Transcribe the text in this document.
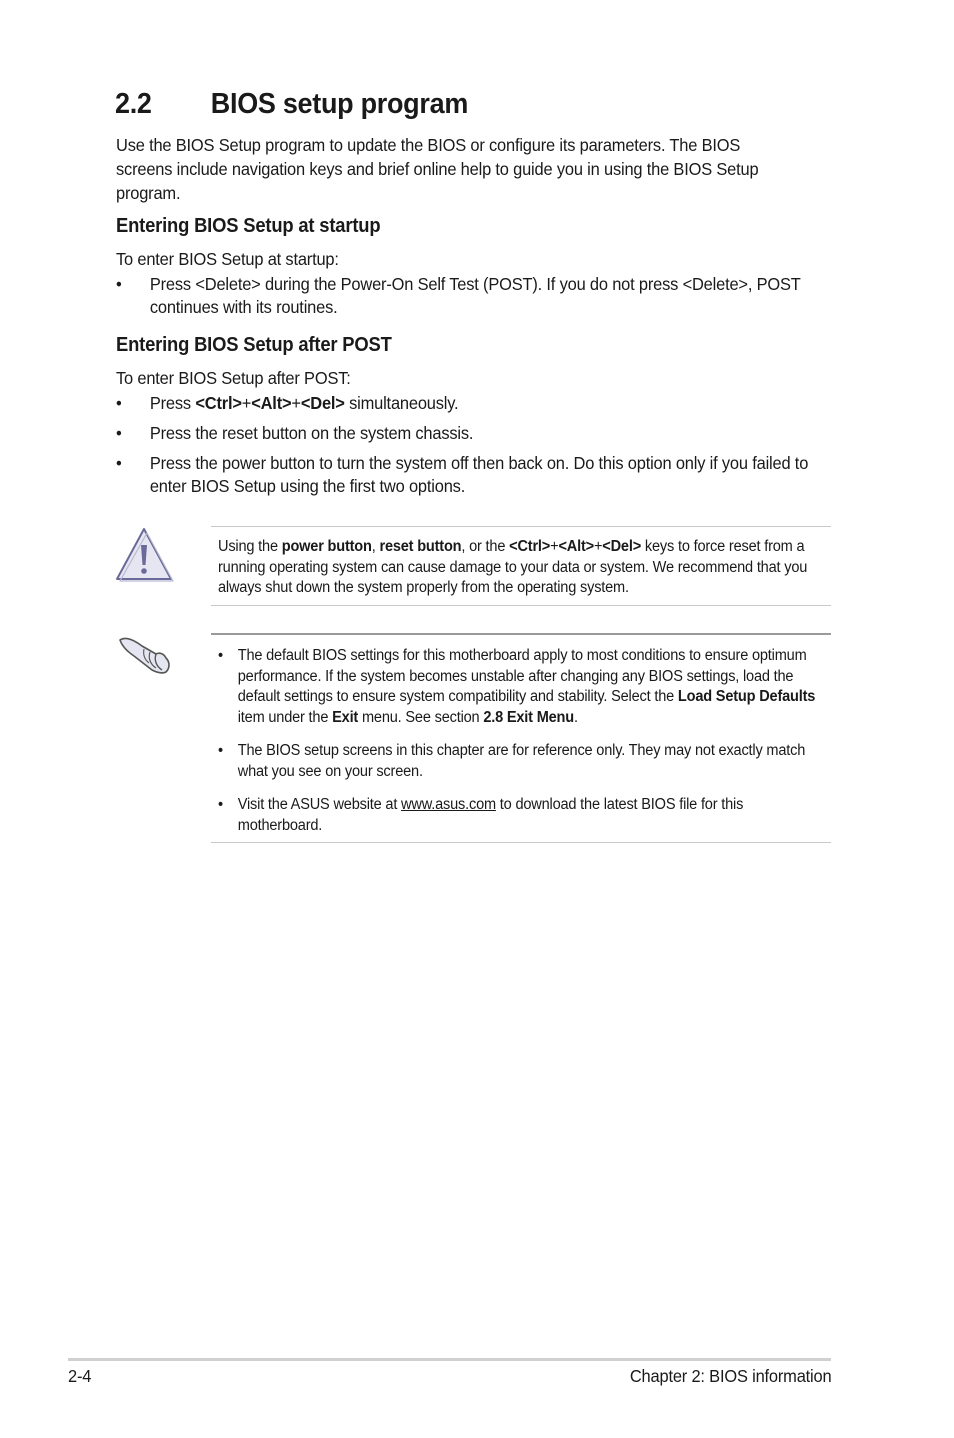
2.2 BIOS setup program

Use the BIOS Setup program to update the BIOS or configure its parameters. The BIOS screens include navigation keys and brief online help to guide you in using the BIOS Setup program.

Entering BIOS Setup at startup

To enter BIOS Setup at startup:

•	Press <Delete> during the Power-On Self Test (POST). If you do not press <Delete>, POST continues with its routines.
Entering BIOS Setup after POST

To enter BIOS Setup after POST:

•	Press <Ctrl>+<Alt>+<Del> simultaneously.
•	Press the reset button on the system chassis.
•	Press the power button to turn the system off then back on. Do this option only if you failed to enter BIOS Setup using the first two options.

Using the power button, reset button, or the <Ctrl>+<Alt>+<Del> keys to force reset from a running operating system can cause damage to your data or system. We recommend that you always shut down the system properly from the operating system.

• The default BIOS settings for this motherboard apply to most conditions to ensure optimum performance. If the system becomes unstable after changing any BIOS settings, load the default settings to ensure system compatibility and stability. Select the Load Setup Defaults item under the Exit menu. See section 2.8 Exit Menu.
• The BIOS setup screens in this chapter are for reference only. They may not exactly match what you see on your screen.
• Visit the ASUS website at www.asus.com to download the latest BIOS file for this motherboard.
2-4	Chapter 2: BIOS information
